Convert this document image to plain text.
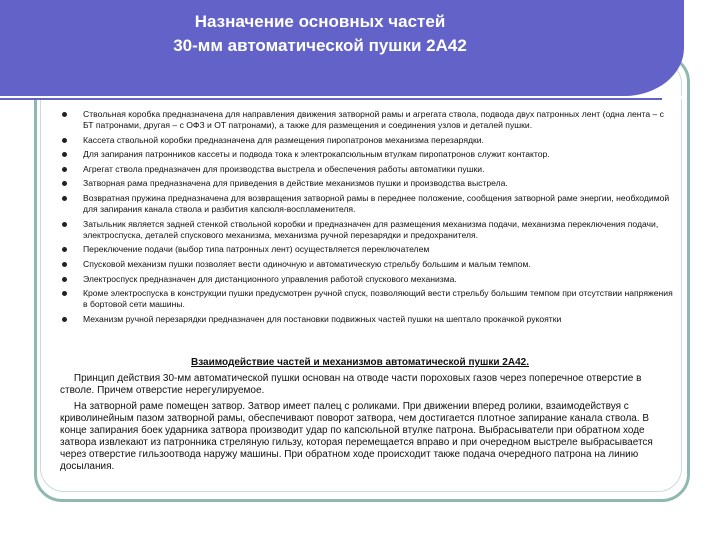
Назначение основных частей
30-мм автоматической пушки 2А42
Ствольная коробка предназначена для направления движения затворной рамы и агрегата ствола, подвода двух патронных лент (одна лента – с БТ патронами, другая – с ОФЗ и ОТ патронами), а также для размещения и соединения узлов и деталей пушки.
Кассета ствольной коробки предназначена для размещения пиропатронов механизма перезарядки.
Для запирания патронников кассеты и подвода тока к электрокапсюльным втулкам пиропатронов служит контактор.
Агрегат ствола предназначен для производства выстрела и обеспечения работы автоматики пушки.
Затворная рама предназначена для приведения в действие механизмов пушки и производства выстрела.
Возвратная пружина предназначена для возвращения затворной рамы в переднее положение, сообщения затворной раме энергии, необходимой для запирания канала ствола и разбития капсюля-воспламенителя.
Затыльник является задней стенкой ствольной коробки и предназначен для размещения механизма подачи, механизма переключения подачи, электроспуска, деталей спускового механизма, механизма ручной перезарядки и предохранителя.
Переключение подачи (выбор типа патронных лент) осуществляется переключателем
Спусковой механизм пушки позволяет вести одиночную и автоматическую стрельбу большим и малым темпом.
Электроспуск предназначен для дистанционного управления работой спускового механизма.
Кроме электроспуска в конструкции пушки предусмотрен ручной спуск, позволяющий вести стрельбу большим темпом при отсутствии напряжения в бортовой сети машины.
Механизм ручной перезарядки предназначен для постановки подвижных частей пушки на шептало прокачкой рукоятки
Взаимодействие частей и механизмов автоматической пушки 2А42.

Принцип действия 30-мм автоматической пушки основан на отводе части пороховых газов через поперечное отверстие в стволе. Причем отверстие нерегулируемое.

На затворной раме помещен затвор. Затвор имеет палец с роликами. При движении вперед ролики, взаимодействуя с криволинейным пазом затворной рамы, обеспечивают поворот затвора, чем достигается плотное запирание канала ствола. В конце запирания боек ударника затвора производит удар по капсюльной втулке патрона. Выбрасыватели при обратном ходе затвора извлекают из патронника стреляную гильзу, которая перемещается вправо и при очередном выстреле выбрасывается через отверстие гильзоотвода наружу машины. При обратном ходе происходит также подача очередного патрона на линию досылания.
